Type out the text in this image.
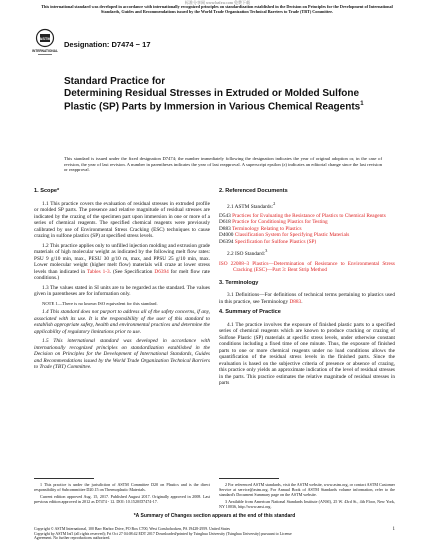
标准分享网 www.bzfxw.com 免费下载
This international standard was developed in accordance with internationally recognized principles on standardization established in the Decision on Principles for the Development of International Standards, Guides and Recommendations issued by the World Trade Organization Technical Barriers to Trade (TBT) Committee.
ASTM
INTERNATIONAL
Designation: D7474 − 17
Standard Practice for
Determining Residual Stresses in Extruded or Molded Sulfone Plastic (SP) Parts by Immersion in Various Chemical Reagents$^1$
This standard is issued under the fixed designation D7474; the number immediately following the designation indicates the year of original adoption or, in the case of revision, the year of last revision. A number in parentheses indicates the year of last reapproval. A superscript epsilon (ε) indicates an editorial change since the last revision or reapproval.
1. Scope*

1.1 This practice covers the evaluation of residual stresses in extruded profile or molded SP parts. The presence and relative magnitude of residual stresses are indicated by the crazing of the specimen part upon immersion in one or more of a series of chemical reagents. The specified chemical reagents were previously calibrated by use of Environmental Stress Cracking (ESC) techniques to cause crazing in sulfone plastics (SP) at specified stress levels.

1.2 This practice applies only to unfilled injection molding and extrusion grade materials of high molecular weight as indicated by the following melt flow rates: PSU 9 g/10 min, max., PESU 30 g/10 m, max, and PPSU 25 g/10 min, max. Lower molecular weight (higher melt flow) materials will craze at lower stress levels than indicated in Tables 1-3. (See Specification D6394 for melt flow rate conditions.)

1.3 The values stated in SI units are to be regarded as the standard. The values given in parentheses are for information only.

NOTE 1—There is no known ISO equivalent for this standard.

1.4 This standard does not purport to address all of the safety concerns, if any, associated with its use. It is the responsibility of the user of this standard to establish appropriate safety, health and environmental practices and determine the applicability of regulatory limitations prior to use.

1.5 This international standard was developed in accordance with internationally recognized principles on standardization established in the Decision on Principles for the Development of International Standards, Guides and Recommendations issued by the World Trade Organization Technical Barriers to Trade (TBT) Committee.

2. Referenced Documents
2.1 ASTM Standards:$^2$
D543 Practices for Evaluating the Resistance of Plastics to Chemical Reagents
D618 Practice for Conditioning Plastics for Testing
D883 Terminology Relating to Plastics
D4000 Classification System for Specifying Plastic Materials
D6394 Specification for Sulfone Plastics (SP)
2.2 ISO Standard:$^3$
ISO 22088–3 Plastics—Determination of Resistance to Environmental Stress Cracking (ESC)—Part 3: Bent Strip Method
3. Terminology

3.1 Definitions—For definitions of technical terms pertaining to plastics used in this practice, see Terminology D883.

4. Summary of Practice

4.1 The practice involves the exposure of finished plastic parts to a specified series of chemical reagents which are known to produce cracking or crazing of Sulfone Plastic (SP) materials at specific stress levels, under otherwise constant conditions including a fixed time of one minute. Thus, the exposure of finished parts to one or more chemical reagents under no load conditions allows the quantification of the residual stress levels in the finished parts. Since the evaluation is based on the subjective criteria of presence or absence of crazing, this practice only yields an approximate indication of the level of residual stresses in the parts. This practice estimates the relative magnitude of residual stresses in parts

1 This practice is under the jurisdiction of ASTM Committee D20 on Plastics and is the direct responsibility of Subcommittee D20.15 on Thermoplastic Materials.

Current edition approved Aug. 15, 2017. Published August 2017. Originally approved in 2008. Last previous edition approved in 2012 as D7474 - 12. DOI: 10.1520/D7474-17.

2 For referenced ASTM standards, visit the ASTM website, www.astm.org, or contact ASTM Customer Service at service@astm.org. For Annual Book of ASTM Standards volume information, refer to the standard's Document Summary page on the ASTM website.

3 Available from American National Standards Institute (ANSI), 25 W. 43rd St., 4th Floor, New York, NY 10036, http://www.ansi.org.

*A Summary of Changes section appears at the end of this standard
Copyright © ASTM International, 100 Barr Harbor Drive, PO Box C700, West Conshohocken, PA 19428-2959. United States
Copyright by ASTM Int'l (all rights reserved); Fri Oct 27 04:08:42 EDT 2017 Downloaded/printed by Tsinghua University (Tsinghua University) pursuant to License Agreement. No further reproductions authorized.
1
